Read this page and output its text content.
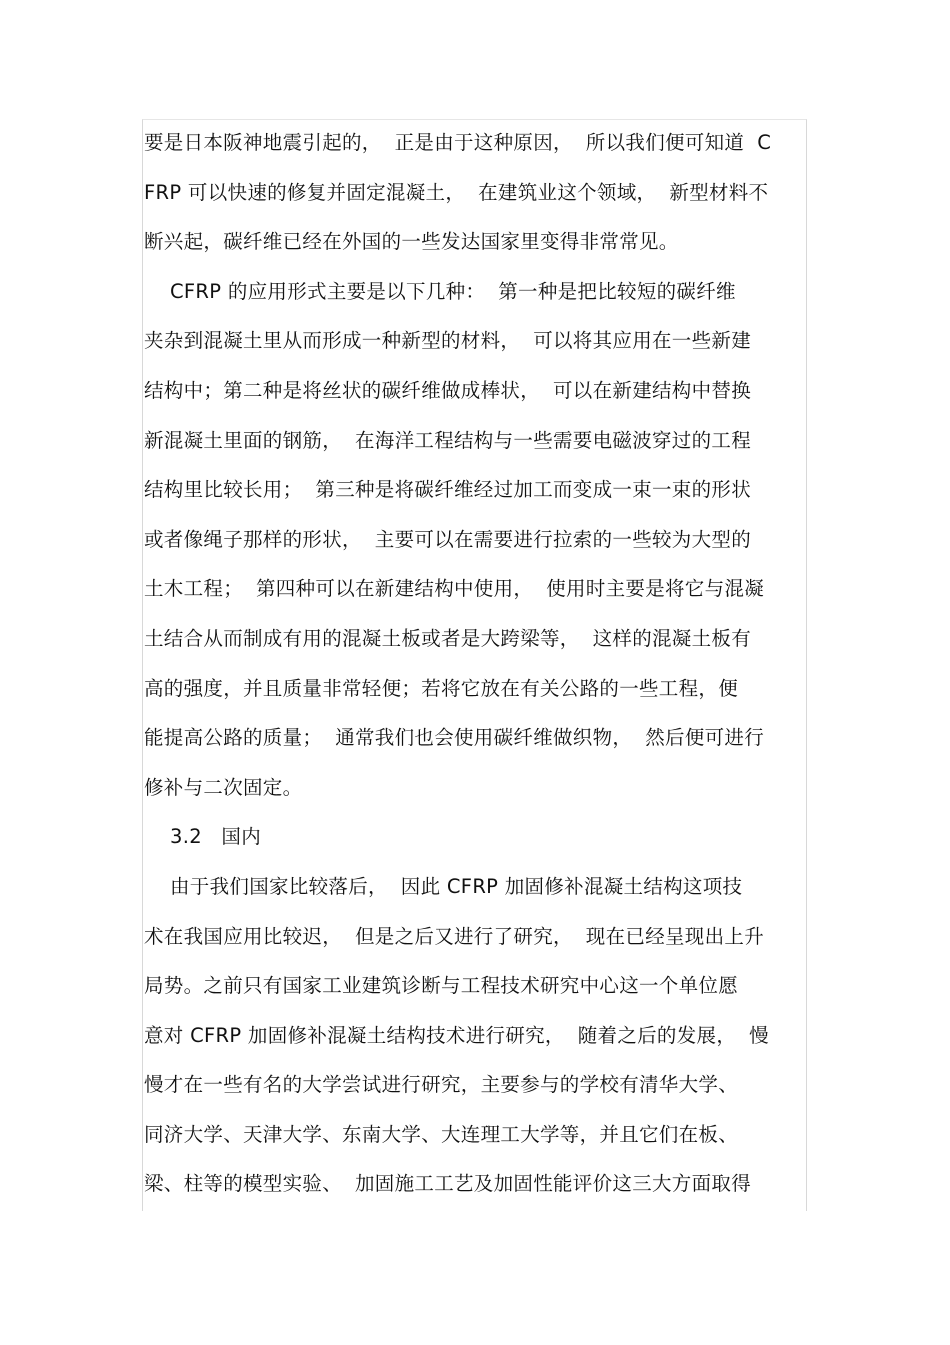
要是日本阪神地震引起的，  正是由于这种原因，  所以我们便可知道  C
FRP 可以快速的修复并固定混凝土，  在建筑业这个领域，  新型材料不
断兴起，碳纤维已经在外国的一些发达国家里变得非常常见。
CFRP 的应用形式主要是以下几种：  第一种是把比较短的碳纤维
夹杂到混凝土里从而形成一种新型的材料，  可以将其应用在一些新建
结构中；第二种是将丝状的碳纤维做成棒状，  可以在新建结构中替换
新混凝土里面的钢筋，  在海洋工程结构与一些需要电磁波穿过的工程
结构里比较长用；  第三种是将碳纤维经过加工而变成一束一束的形状
或者像绳子那样的形状，  主要可以在需要进行拉索的一些较为大型的
土木工程；  第四种可以在新建结构中使用，  使用时主要是将它与混凝
土结合从而制成有用的混凝土板或者是大跨梁等，  这样的混凝土板有
高的强度，并且质量非常轻便；若将它放在有关公路的一些工程，便
能提高公路的质量；  通常我们也会使用碳纤维做织物，  然后便可进行
修补与二次固定。
3.2   国内
由于我们国家比较落后，  因此 CFRP 加固修补混凝土结构这项技
术在我国应用比较迟，  但是之后又进行了研究，  现在已经呈现出上升
局势。之前只有国家工业建筑诊断与工程技术研究中心这一个单位愿
意对 CFRP 加固修补混凝土结构技术进行研究，  随着之后的发展，  慢
慢才在一些有名的大学尝试进行研究，主要参与的学校有清华大学、
同济大学、天津大学、东南大学、大连理工大学等，并且它们在板、
梁、柱等的模型实验、  加固施工工艺及加固性能评价这三大方面取得
